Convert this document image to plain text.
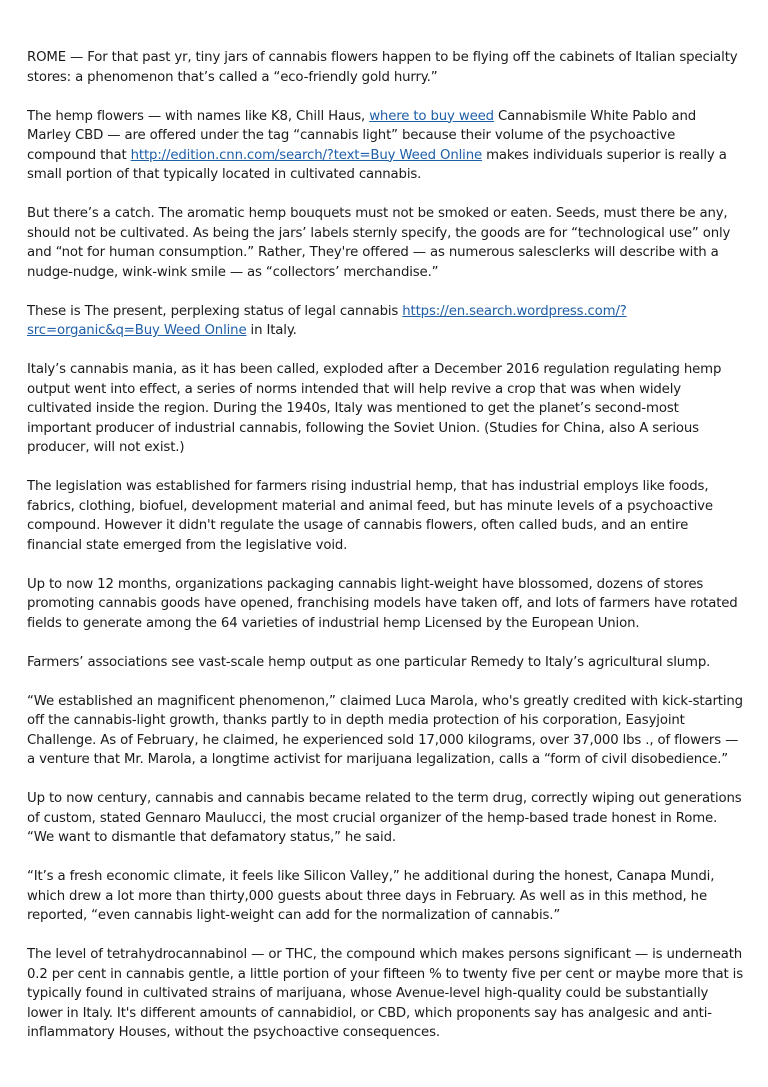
ROME — For that past yr, tiny jars of cannabis flowers happen to be flying off the cabinets of Italian specialty stores: a phenomenon that’s called a “eco-friendly gold hurry.”

The hemp flowers — with names like K8, Chill Haus, where to buy weed Cannabismile White Pablo and Marley CBD — are offered under the tag “cannabis light” because their volume of the psychoactive compound that http://edition.cnn.com/search/?text=Buy Weed Online makes individuals superior is really a small portion of that typically located in cultivated cannabis.

But there’s a catch. The aromatic hemp bouquets must not be smoked or eaten. Seeds, must there be any, should not be cultivated. As being the jars’ labels sternly specify, the goods are for “technological use” only and “not for human consumption.” Rather, They're offered — as numerous salesclerks will describe with a nudge-nudge, wink-wink smile — as “collectors’ merchandise.”

These is The present, perplexing status of legal cannabis https://en.search.wordpress.com/?src=organic&q=Buy Weed Online in Italy.

Italy’s cannabis mania, as it has been called, exploded after a December 2016 regulation regulating hemp output went into effect, a series of norms intended that will help revive a crop that was when widely cultivated inside the region. During the 1940s, Italy was mentioned to get the planet’s second-most important producer of industrial cannabis, following the Soviet Union. (Studies for China, also A serious producer, will not exist.)

The legislation was established for farmers rising industrial hemp, that has industrial employs like foods, fabrics, clothing, biofuel, development material and animal feed, but has minute levels of a psychoactive compound. However it didn't regulate the usage of cannabis flowers, often called buds, and an entire financial state emerged from the legislative void.

Up to now 12 months, organizations packaging cannabis light-weight have blossomed, dozens of stores promoting cannabis goods have opened, franchising models have taken off, and lots of farmers have rotated fields to generate among the 64 varieties of industrial hemp Licensed by the European Union.

Farmers’ associations see vast-scale hemp output as one particular Remedy to Italy’s agricultural slump.

“We established an magnificent phenomenon,” claimed Luca Marola, who's greatly credited with kick-starting off the cannabis-light growth, thanks partly to in depth media protection of his corporation, Easyjoint Challenge. As of February, he claimed, he experienced sold 17,000 kilograms, over 37,000 lbs ., of flowers — a venture that Mr. Marola, a longtime activist for marijuana legalization, calls a “form of civil disobedience.”

Up to now century, cannabis and cannabis became related to the term drug, correctly wiping out generations of custom, stated Gennaro Maulucci, the most crucial organizer of the hemp-based trade honest in Rome. “We want to dismantle that defamatory status,” he said.

“It’s a fresh economic climate, it feels like Silicon Valley,” he additional during the honest, Canapa Mundi, which drew a lot more than thirty,000 guests about three days in February. As well as in this method, he reported, “even cannabis light-weight can add for the normalization of cannabis.”

The level of tetrahydrocannabinol — or THC, the compound which makes persons significant — is underneath 0.2 per cent in cannabis gentle, a little portion of your fifteen % to twenty five per cent or maybe more that is typically found in cultivated strains of marijuana, whose Avenue-level high-quality could be substantially lower in Italy. It's different amounts of cannabidiol, or CBD, which proponents say has analgesic and anti-inflammatory Houses, without the psychoactive consequences.
